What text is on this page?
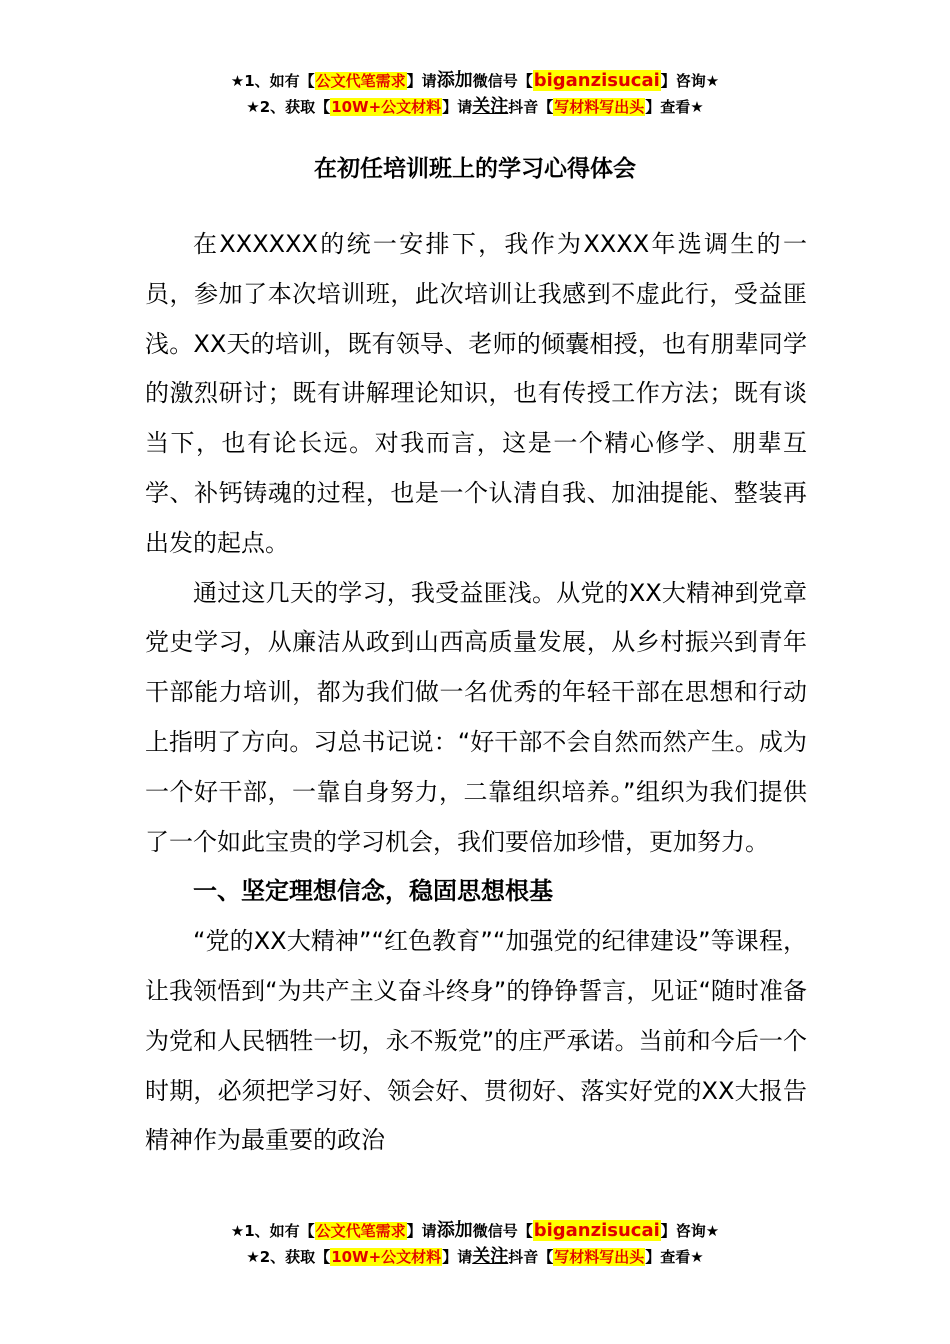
★1、如有【公文代笔需求】请添加微信号【biganzisucai】咨询★
★2、获取【10W+公文材料】请关注抖音【写材料写出头】查看★
在初任培训班上的学习心得体会

在XXXXXX的统一安排下，我作为XXXX年选调生的一员，参加了本次培训班，此次培训让我感到不虚此行，受益匪浅。XX天的培训，既有领导、老师的倾囊相授，也有朋辈同学的激烈研讨；既有讲解理论知识，也有传授工作方法；既有谈当下，也有论长远。对我而言，这是一个精心修学、朋辈互学、补钙铸魂的过程，也是一个认清自我、加油提能、整装再出发的起点。

通过这几天的学习，我受益匪浅。从党的XX大精神到党章党史学习，从廉洁从政到山西高质量发展，从乡村振兴到青年干部能力培训，都为我们做一名优秀的年轻干部在思想和行动上指明了方向。习总书记说：“好干部不会自然而然产生。成为一个好干部，一靠自身努力，二靠组织培养。”组织为我们提供了一个如此宝贵的学习机会，我们要倍加珍惜，更加努力。

一、坚定理想信念，稳固思想根基

“党的XX大精神”“红色教育”“加强党的纪律建设”等课程，让我领悟到“为共产主义奋斗终身”的铮铮誓言，见证“随时准备为党和人民牺牲一切，永不叛党”的庄严承诺。当前和今后一个时期，必须把学习好、领会好、贯彻好、落实好党的XX大报告精神作为最重要的政治

★1、如有【公文代笔需求】请添加微信号【biganzisucai】咨询★
★2、获取【10W+公文材料】请关注抖音【写材料写出头】查看★
